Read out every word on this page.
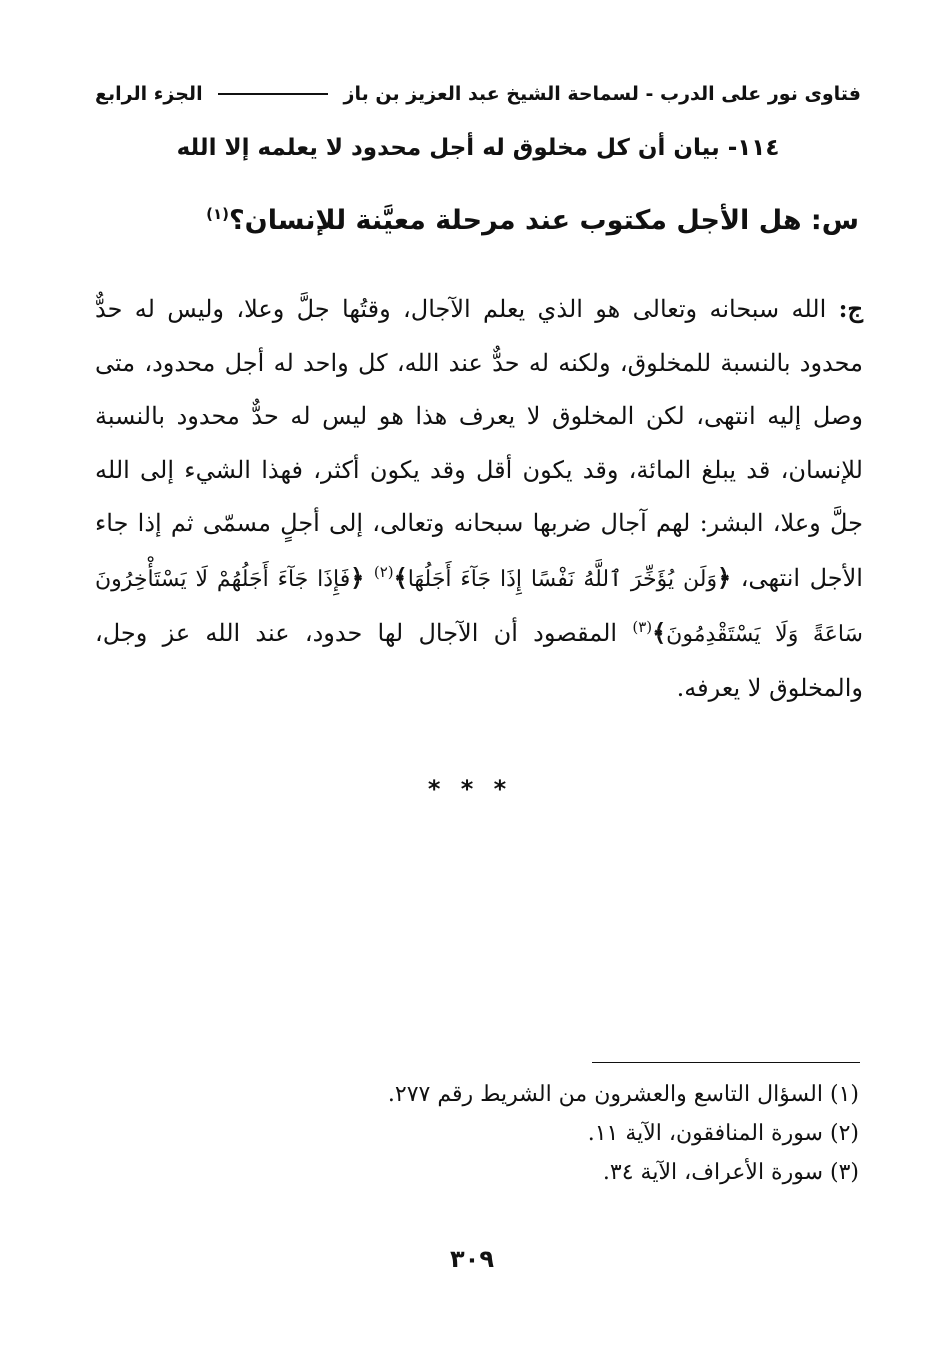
فتاوى نور على الدرب - لسماحة الشيخ عبد العزيز بن باز
الجزء الرابع
١١٤- بيان أن كل مخلوق له أجل محدود لا يعلمه إلا الله
س: هل الأجل مكتوب عند مرحلة معيَّنة للإنسان؟$^{(١)}$
ج: الله سبحانه وتعالى هو الذي يعلم الآجال، وقتُها جلَّ وعلا، وليس له حدٌّ محدود بالنسبة للمخلوق، ولكنه له حدٌّ عند الله، كل واحد له أجل محدود، متى وصل إليه انتهى، لكن المخلوق لا يعرف هذا هو ليس له حدٌّ محدود بالنسبة للإنسان، قد يبلغ المائة، وقد يكون أقل وقد يكون أكثر، فهذا الشيء إلى الله جلَّ وعلا، البشر: لهم آجال ضربها سبحانه وتعالى، إلى أجلٍ مسمّى ثم إذا جاء الأجل انتهى، ﴿وَلَن يُؤَخِّرَ ٱللَّهُ نَفْسًا إِذَا جَآءَ أَجَلُهَا﴾$^{(٢)}$ ﴿فَإِذَا جَآءَ أَجَلُهُمْ لَا يَسْتَأْخِرُونَ سَاعَةً وَلَا يَسْتَقْدِمُونَ﴾$^{(٣)}$ المقصود أن الآجال لها حدود، عند الله عز وجل، والمخلوق لا يعرفه.
* * *
(١) السؤال التاسع والعشرون من الشريط رقم ٢٧٧.
(٢) سورة المنافقون، الآية ١١.
(٣) سورة الأعراف، الآية ٣٤.
٣٠٩
